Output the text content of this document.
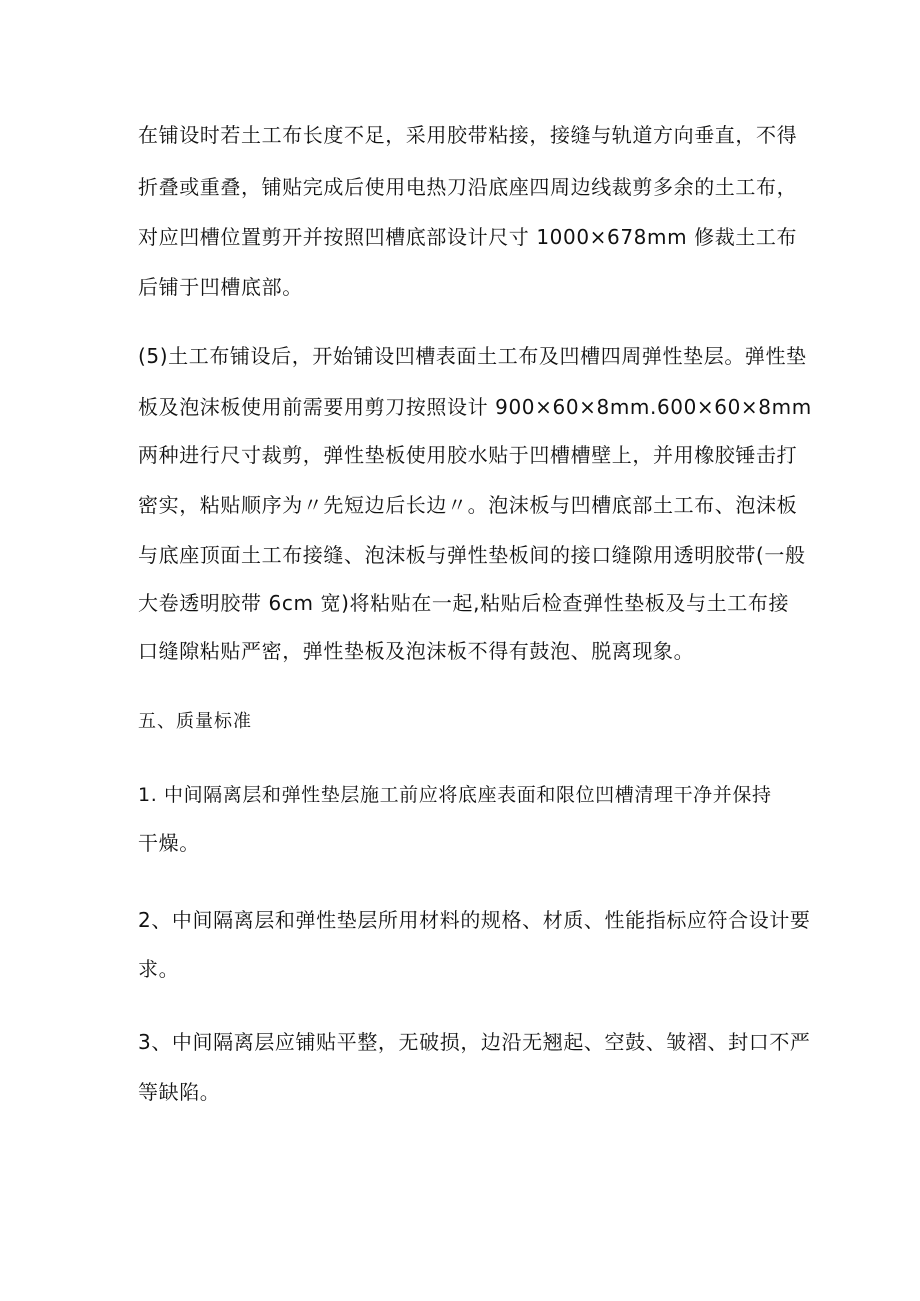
在铺设时若土工布长度不足，采用胶带粘接，接缝与轨道方向垂直，不得
折叠或重叠，铺贴完成后使用电热刀沿底座四周边线裁剪多余的土工布，
对应凹槽位置剪开并按照凹槽底部设计尺寸 1000×678mm 修裁土工布
后铺于凹槽底部。
(5)土工布铺设后，开始铺设凹槽表面土工布及凹槽四周弹性垫层。弹性垫
板及泡沫板使用前需要用剪刀按照设计 900×60×8mm.600×60×8mm
两种进行尺寸裁剪，弹性垫板使用胶水贴于凹槽槽壁上，并用橡胶锤击打
密实，粘贴顺序为〃先短边后长边〃。泡沫板与凹槽底部土工布、泡沫板
与底座顶面土工布接缝、泡沫板与弹性垫板间的接口缝隙用透明胶带(一般
大卷透明胶带 6cm 宽)将粘贴在一起,粘贴后检查弹性垫板及与土工布接
口缝隙粘贴严密，弹性垫板及泡沫板不得有鼓泡、脱离现象。
五、质量标准
1. 中间隔离层和弹性垫层施工前应将底座表面和限位凹槽清理干净并保持
干燥。
2、中间隔离层和弹性垫层所用材料的规格、材质、性能指标应符合设计要
求。
3、中间隔离层应铺贴平整，无破损，边沿无翘起、空鼓、皱褶、封口不严
等缺陷。
